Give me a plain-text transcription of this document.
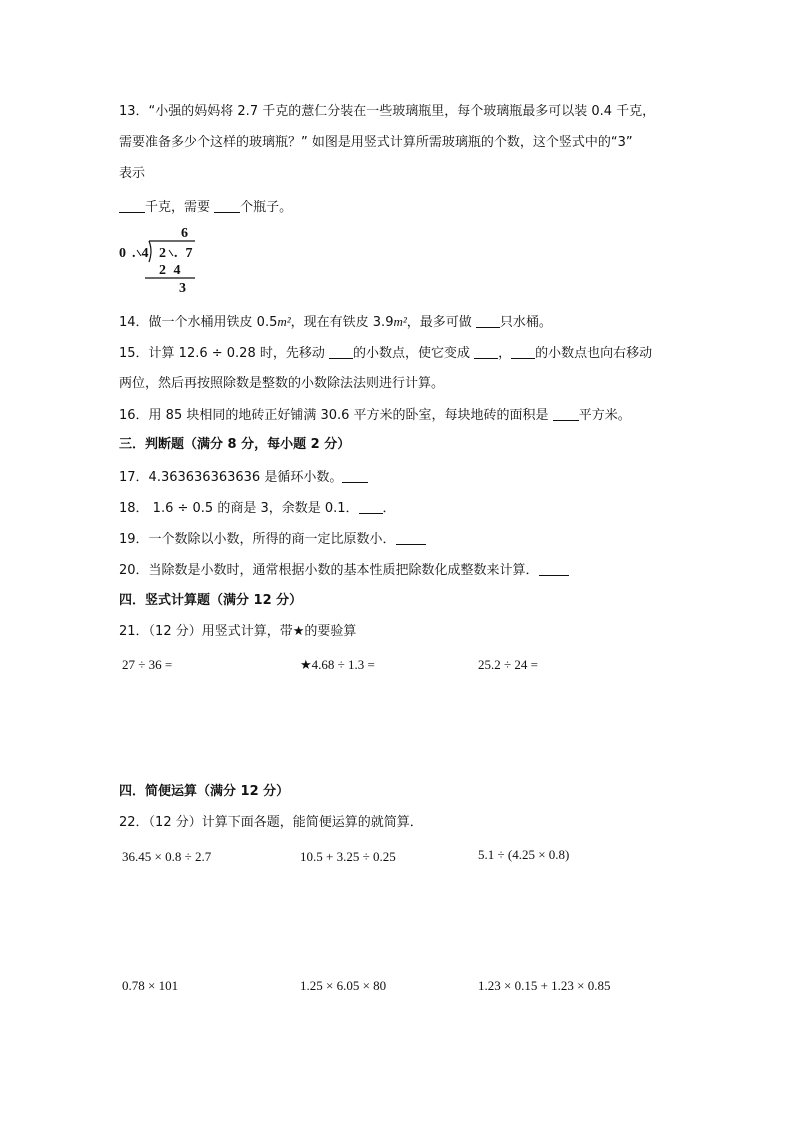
13．“小强的妈妈将 2.7 千克的薏仁分装在一些玻璃瓶里，每个玻璃瓶最多可以装 0.4 千克，
需要准备多少个这样的玻璃瓶？” 如图是用竖式计算所需玻璃瓶的个数，这个竖式中的“3”
表示
千克，需要 个瓶子。
6
0.4 2.7
2 4
3
14．做一个水桶用铁皮 0.5m²，现在有铁皮 3.9m²，最多可做 只水桶。
15．计算 12.6 ÷ 0.28 时，先移动 的小数点，使它变成 ， 的小数点也向右移动
两位，然后再按照除数是整数的小数除法法则进行计算。
16．用 85 块相同的地砖正好铺满 30.6 平方米的卧室，每块地砖的面积是 平方米。
三．判断题（满分 8 分，每小题 2 分）
17．4.363636363636 是循环小数。
18． 1.6 ÷ 0.5 的商是 3，余数是 0.1． ．
19．一个数除以小数，所得的商一定比原数小．
20．当除数是小数时，通常根据小数的基本性质把除数化成整数来计算．
四．竖式计算题（满分 12 分）
21．（12 分）用竖式计算，带★的要验算
27 ÷ 36 =	★4.68 ÷ 1.3 =	25.2 ÷ 24 =
四．简便运算（满分 12 分）
22．（12 分）计算下面各题，能简便运算的就简算．
36.45 × 0.8 ÷ 2.7	10.5 + 3.25 ÷ 0.25	5.1 ÷ (4.25 × 0.8)
0.78 × 101	1.25 × 6.05 × 80	1.23 × 0.15 + 1.23 × 0.85
